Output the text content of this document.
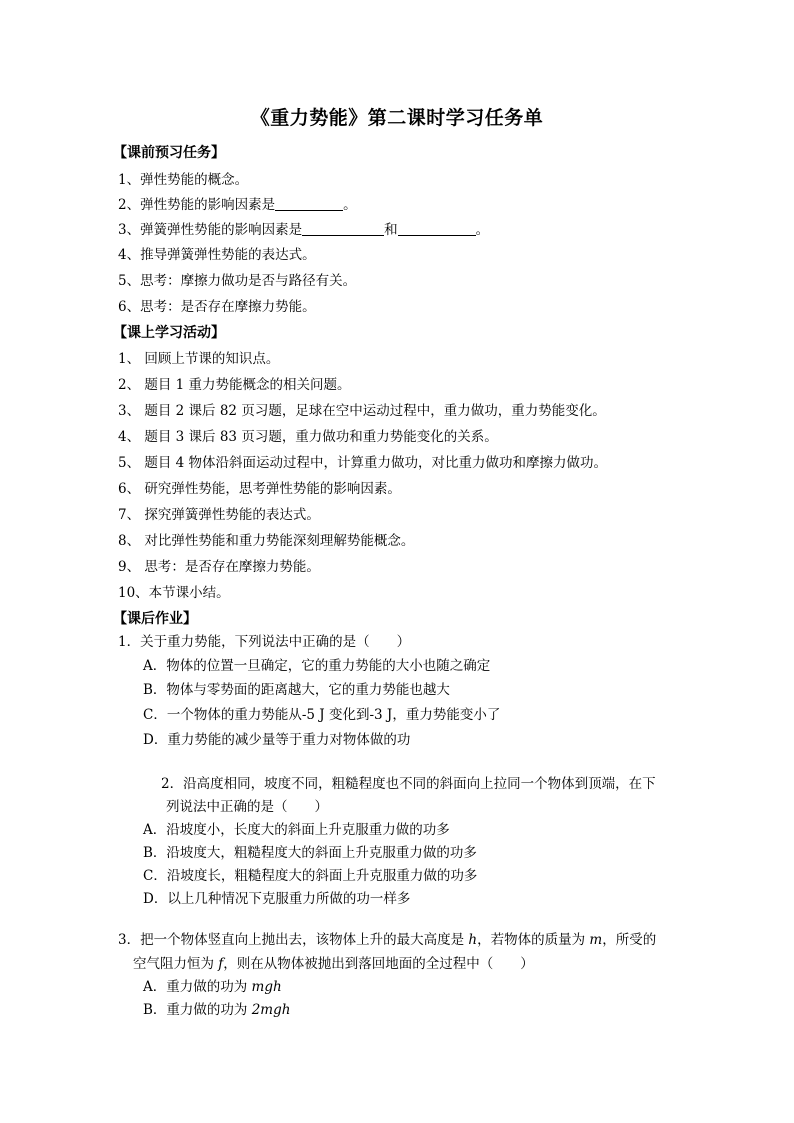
《重力势能》第二课时学习任务单
【课前预习任务】
1、弹性势能的概念。
2、弹性势能的影响因素是	。
3、弹簧弹性势能的影响因素是	和	。
4、推导弹簧弹性势能的表达式。
5、思考：摩擦力做功是否与路径有关。
6、思考：是否存在摩擦力势能。
【课上学习活动】
1、 回顾上节课的知识点。
2、 题目 1 重力势能概念的相关问题。
3、 题目 2 课后 82 页习题，足球在空中运动过程中，重力做功，重力势能变化。
4、 题目 3 课后 83 页习题，重力做功和重力势能变化的关系。
5、 题目 4 物体沿斜面运动过程中，计算重力做功，对比重力做功和摩擦力做功。
6、 研究弹性势能，思考弹性势能的影响因素。
7、 探究弹簧弹性势能的表达式。
8、 对比弹性势能和重力势能深刻理解势能概念。
9、 思考：是否存在摩擦力势能。
10、本节课小结。
【课后作业】
1．关于重力势能，下列说法中正确的是（　　）
A．物体的位置一旦确定，它的重力势能的大小也随之确定
B．物体与零势面的距离越大，它的重力势能也越大
C．一个物体的重力势能从-5 J 变化到-3 J，重力势能变小了
D．重力势能的减少量等于重力对物体做的功
2．沿高度相同，坡度不同，粗糙程度也不同的斜面向上拉同一个物体到顶端，在下
列说法中正确的是（　　）
A．沿坡度小，长度大的斜面上升克服重力做的功多
B．沿坡度大，粗糙程度大的斜面上升克服重力做的功多
C．沿坡度长，粗糙程度大的斜面上升克服重力做的功多
D．以上几种情况下克服重力所做的功一样多
3．把一个物体竖直向上抛出去，该物体上升的最大高度是 h，若物体的质量为 m，所受的
空气阻力恒为 f，则在从物体被抛出到落回地面的全过程中（　　）
A．重力做的功为 mgh
B．重力做的功为 2mgh
